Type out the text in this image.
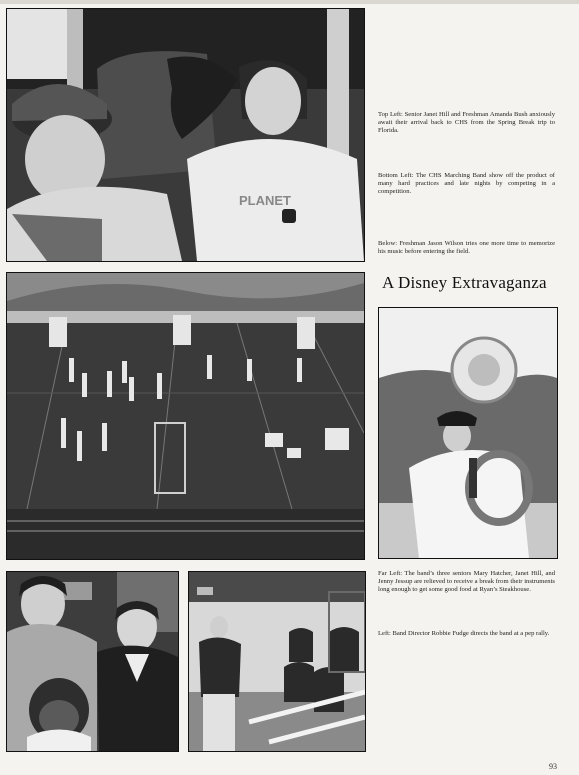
PLANET
Top Left: Senior Janet Hill and Freshman Amanda Bush anxiously await their arrival back to CHS from the Spring Break trip to Florida.
Bottom Left: The CHS Marching Band show off the product of many hard practices and late nights by competing in a competition.
Below: Freshman Jason Wilson tries one more time to memorize his music before entering the field.
A Disney Extravaganza
Far Left: The band’s three seniors Mary Hatcher, Janet Hill, and Jenny Jessup are relieved to receive a break from their instruments long enough to get some good food at Ryan’s Steakhouse.
Left: Band Director Robbie Fudge directs the band at a pep rally.
93
